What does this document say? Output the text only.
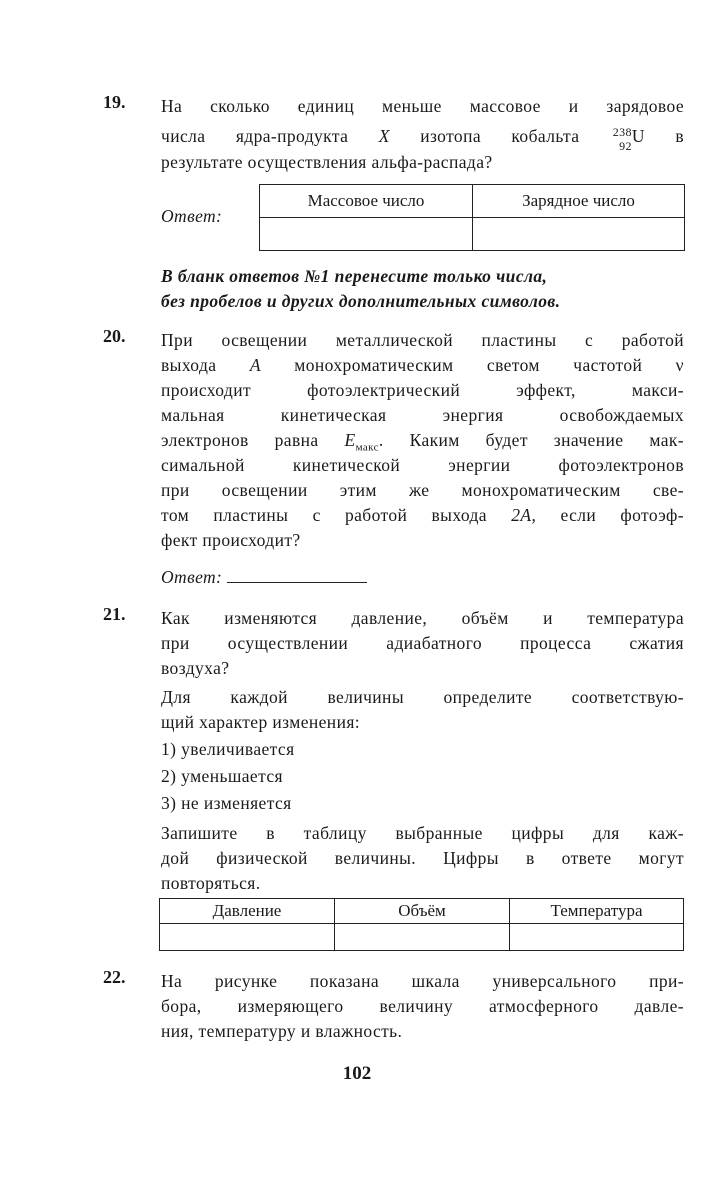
19. На сколько единиц меньше массовое и зарядовое
числа ядра-продукта X изотопа кобальта	238
92 U в
результате осуществления альфа-распада?
Ответ:
Массовое число	Зарядное число

В бланк ответов №1 перенесите только числа,
без пробелов и других дополнительных символов.
20. При освещении металлической пластины с работой
выхода A монохроматическим светом частотой ν
происходит фотоэлектрический эффект, макси-
мальная кинетическая энергия освобождаемых
электронов равна $E_{макс}$. Каким будет значение мак-
симальной кинетической энергии фотоэлектронов
при освещении этим же монохроматическим све-
том пластины с работой выхода 2A, если фотоэф-
фект происходит?
Ответ:
21. Как изменяются давление, объём и температура
при осуществлении адиабатного процесса сжатия
воздуха?
Для каждой величины определите соответствую-
щий характер изменения:
1) увеличивается
2) уменьшается
3) не изменяется
Запишите в таблицу выбранные цифры для каж-
дой физической величины. Цифры в ответе могут
повторяться.
Давление	Объём	Температура

22. На рисунке показана шкала универсального при-
бора, измеряющего величину атмосферного давле-
ния, температуру и влажность.
102
